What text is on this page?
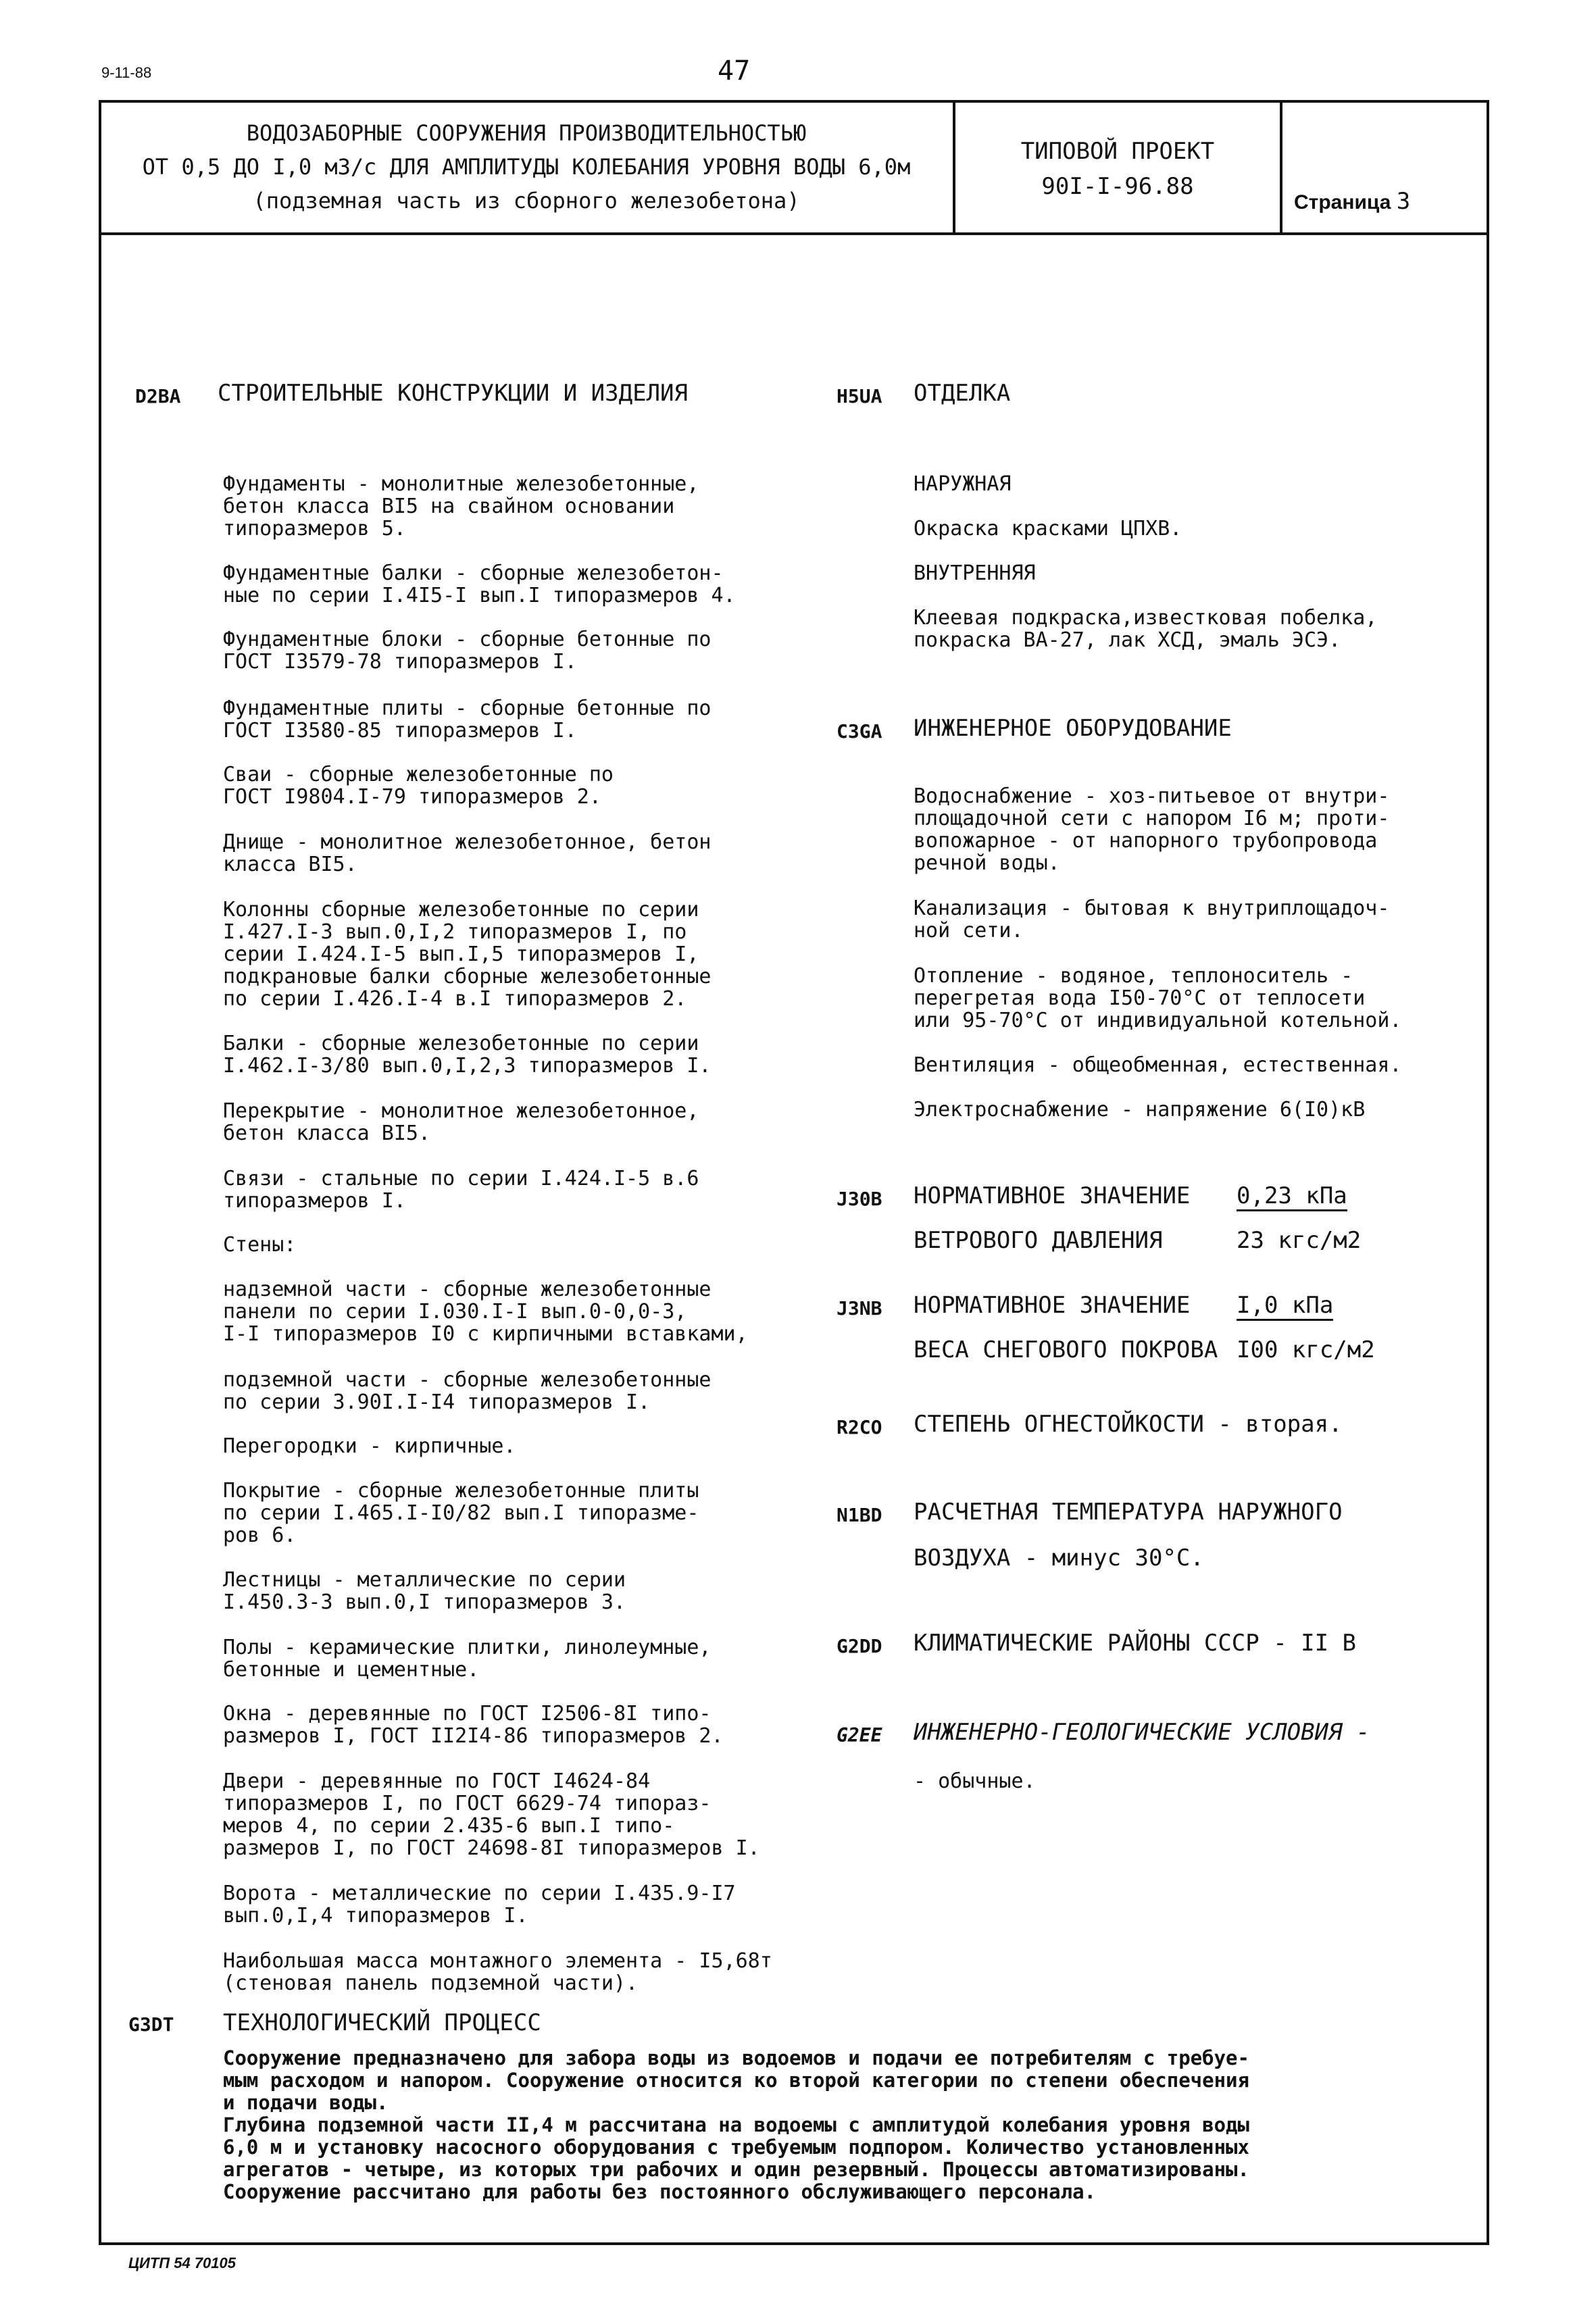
9-11-88	47
ВОДОЗАБОРНЫЕ СООРУЖЕНИЯ ПРОИЗВОДИТЕЛЬНОСТЬЮ
ОТ 0,5 ДО I,0 м3/с ДЛЯ АМПЛИТУДЫ КОЛЕБАНИЯ УРОВНЯ ВОДЫ 6,0м
(подземная часть из сборного железобетона)
ТИПОВОЙ ПРОЕКТ
90I-I-96.88
Страница 3
D2BA СТРОИТЕЛЬНЫЕ КОНСТРУКЦИИ И ИЗДЕЛИЯ
Фундаменты - монолитные железобетонные,
бетон класса BI5 на свайном основании
типоразмеров 5.
Фундаментные балки - сборные железобетон-
ные по серии I.4I5-I вып.I типоразмеров 4.
Фундаментные блоки - сборные бетонные по
ГОСТ I3579-78 типоразмеров I.
Фундаментные плиты - сборные бетонные по
ГОСТ I3580-85 типоразмеров I.
Сваи - сборные железобетонные по
ГОСТ I9804.I-79 типоразмеров 2.
Днище - монолитное железобетонное, бетон
класса BI5.
Колонны сборные железобетонные по серии
I.427.I-3 вып.0,I,2 типоразмеров I, по
серии I.424.I-5 вып.I,5 типоразмеров I,
подкрановые балки сборные железобетонные
по серии I.426.I-4 в.I типоразмеров 2.
Балки - сборные железобетонные по серии
I.462.I-3/80 вып.0,I,2,3 типоразмеров I.
Перекрытие - монолитное железобетонное,
бетон класса BI5.
Связи - стальные по серии I.424.I-5 в.6
типоразмеров I.
Стены:
надземной части - сборные железобетонные
панели по серии I.030.I-I вып.0-0,0-3,
I-I типоразмеров I0 с кирпичными вставками,
подземной части - сборные железобетонные
по серии 3.90I.I-I4 типоразмеров I.
Перегородки - кирпичные.
Покрытие - сборные железобетонные плиты
по серии I.465.I-I0/82 вып.I типоразме-
ров 6.
Лестницы - металлические по серии
I.450.3-3 вып.0,I типоразмеров 3.
Полы - керамические плитки, линолеумные,
бетонные и цементные.
Окна - деревянные по ГОСТ I2506-8I типо-
размеров I, ГОСТ II2I4-86 типоразмеров 2.
Двери - деревянные по ГОСТ I4624-84
типоразмеров I, по ГОСТ 6629-74 типораз-
меров 4, по серии 2.435-6 вып.I типо-
размеров I, по ГОСТ 24698-8I типоразмеров I.
Ворота - металлические по серии I.435.9-I7
вып.0,I,4 типоразмеров I.
Наибольшая масса монтажного элемента - I5,68т
(стеновая панель подземной части).
H5UA ОТДЕЛКА
НАРУЖНАЯ
Окраска красками ЦПХВ.
ВНУТРЕННЯЯ
Клеевая подкраска,известковая побелка,
покраска ВА-27, лак ХСД, эмаль ЭСЭ.
C3GA ИНЖЕНЕРНОЕ ОБОРУДОВАНИЕ
Водоснабжение - хоз-питьевое от внутри-
площадочной сети с напором I6 м; проти-
вопожарное - от напорного трубопровода
речной воды.
Канализация - бытовая к внутриплощадоч-
ной сети.
Отопление - водяное, теплоноситель -
перегретая вода I50-70°С от теплосети
или 95-70°С от индивидуальной котельной.
Вентиляция - общеобменная, естественная.
Электроснабжение - напряжение 6(I0)кВ
J30B НОРМАТИВНОЕ ЗНАЧЕНИЕ 0,23 кПа
ВЕТРОВОГО ДАВЛЕНИЯ	23 кгс/м2
J3NB НОРМАТИВНОЕ ЗНАЧЕНИЕ I,0 кПа
ВЕСА СНЕГОВОГО ПОКРОВА I00 кгс/м2
R2CO СТЕПЕНЬ ОГНЕСТОЙКОСТИ - вторая.
N1BD РАСЧЕТНАЯ ТЕМПЕРАТУРА НАРУЖНОГО
ВОЗДУХА - минус 30°С.
G2DD КЛИМАТИЧЕСКИЕ РАЙОНЫ СССР - II В
G2EE ИНЖЕНЕРНО-ГЕОЛОГИЧЕСКИЕ УСЛОВИЯ -
- обычные.
G3DT ТЕХНОЛОГИЧЕСКИЙ ПРОЦЕСС
Сооружение предназначено для забора воды из водоемов и подачи ее потребителям с требуе-
мым расходом и напором. Сооружение относится ко второй категории по степени обеспечения
и подачи воды.
Глубина подземной части II,4 м рассчитана на водоемы с амплитудой колебания уровня воды
6,0 м и установку насосного оборудования с требуемым подпором. Количество установленных
агрегатов - четыре, из которых три рабочих и один резервный. Процессы автоматизированы.
Сооружение рассчитано для работы без постоянного обслуживающего персонала.
ЦИТП 54 70105
